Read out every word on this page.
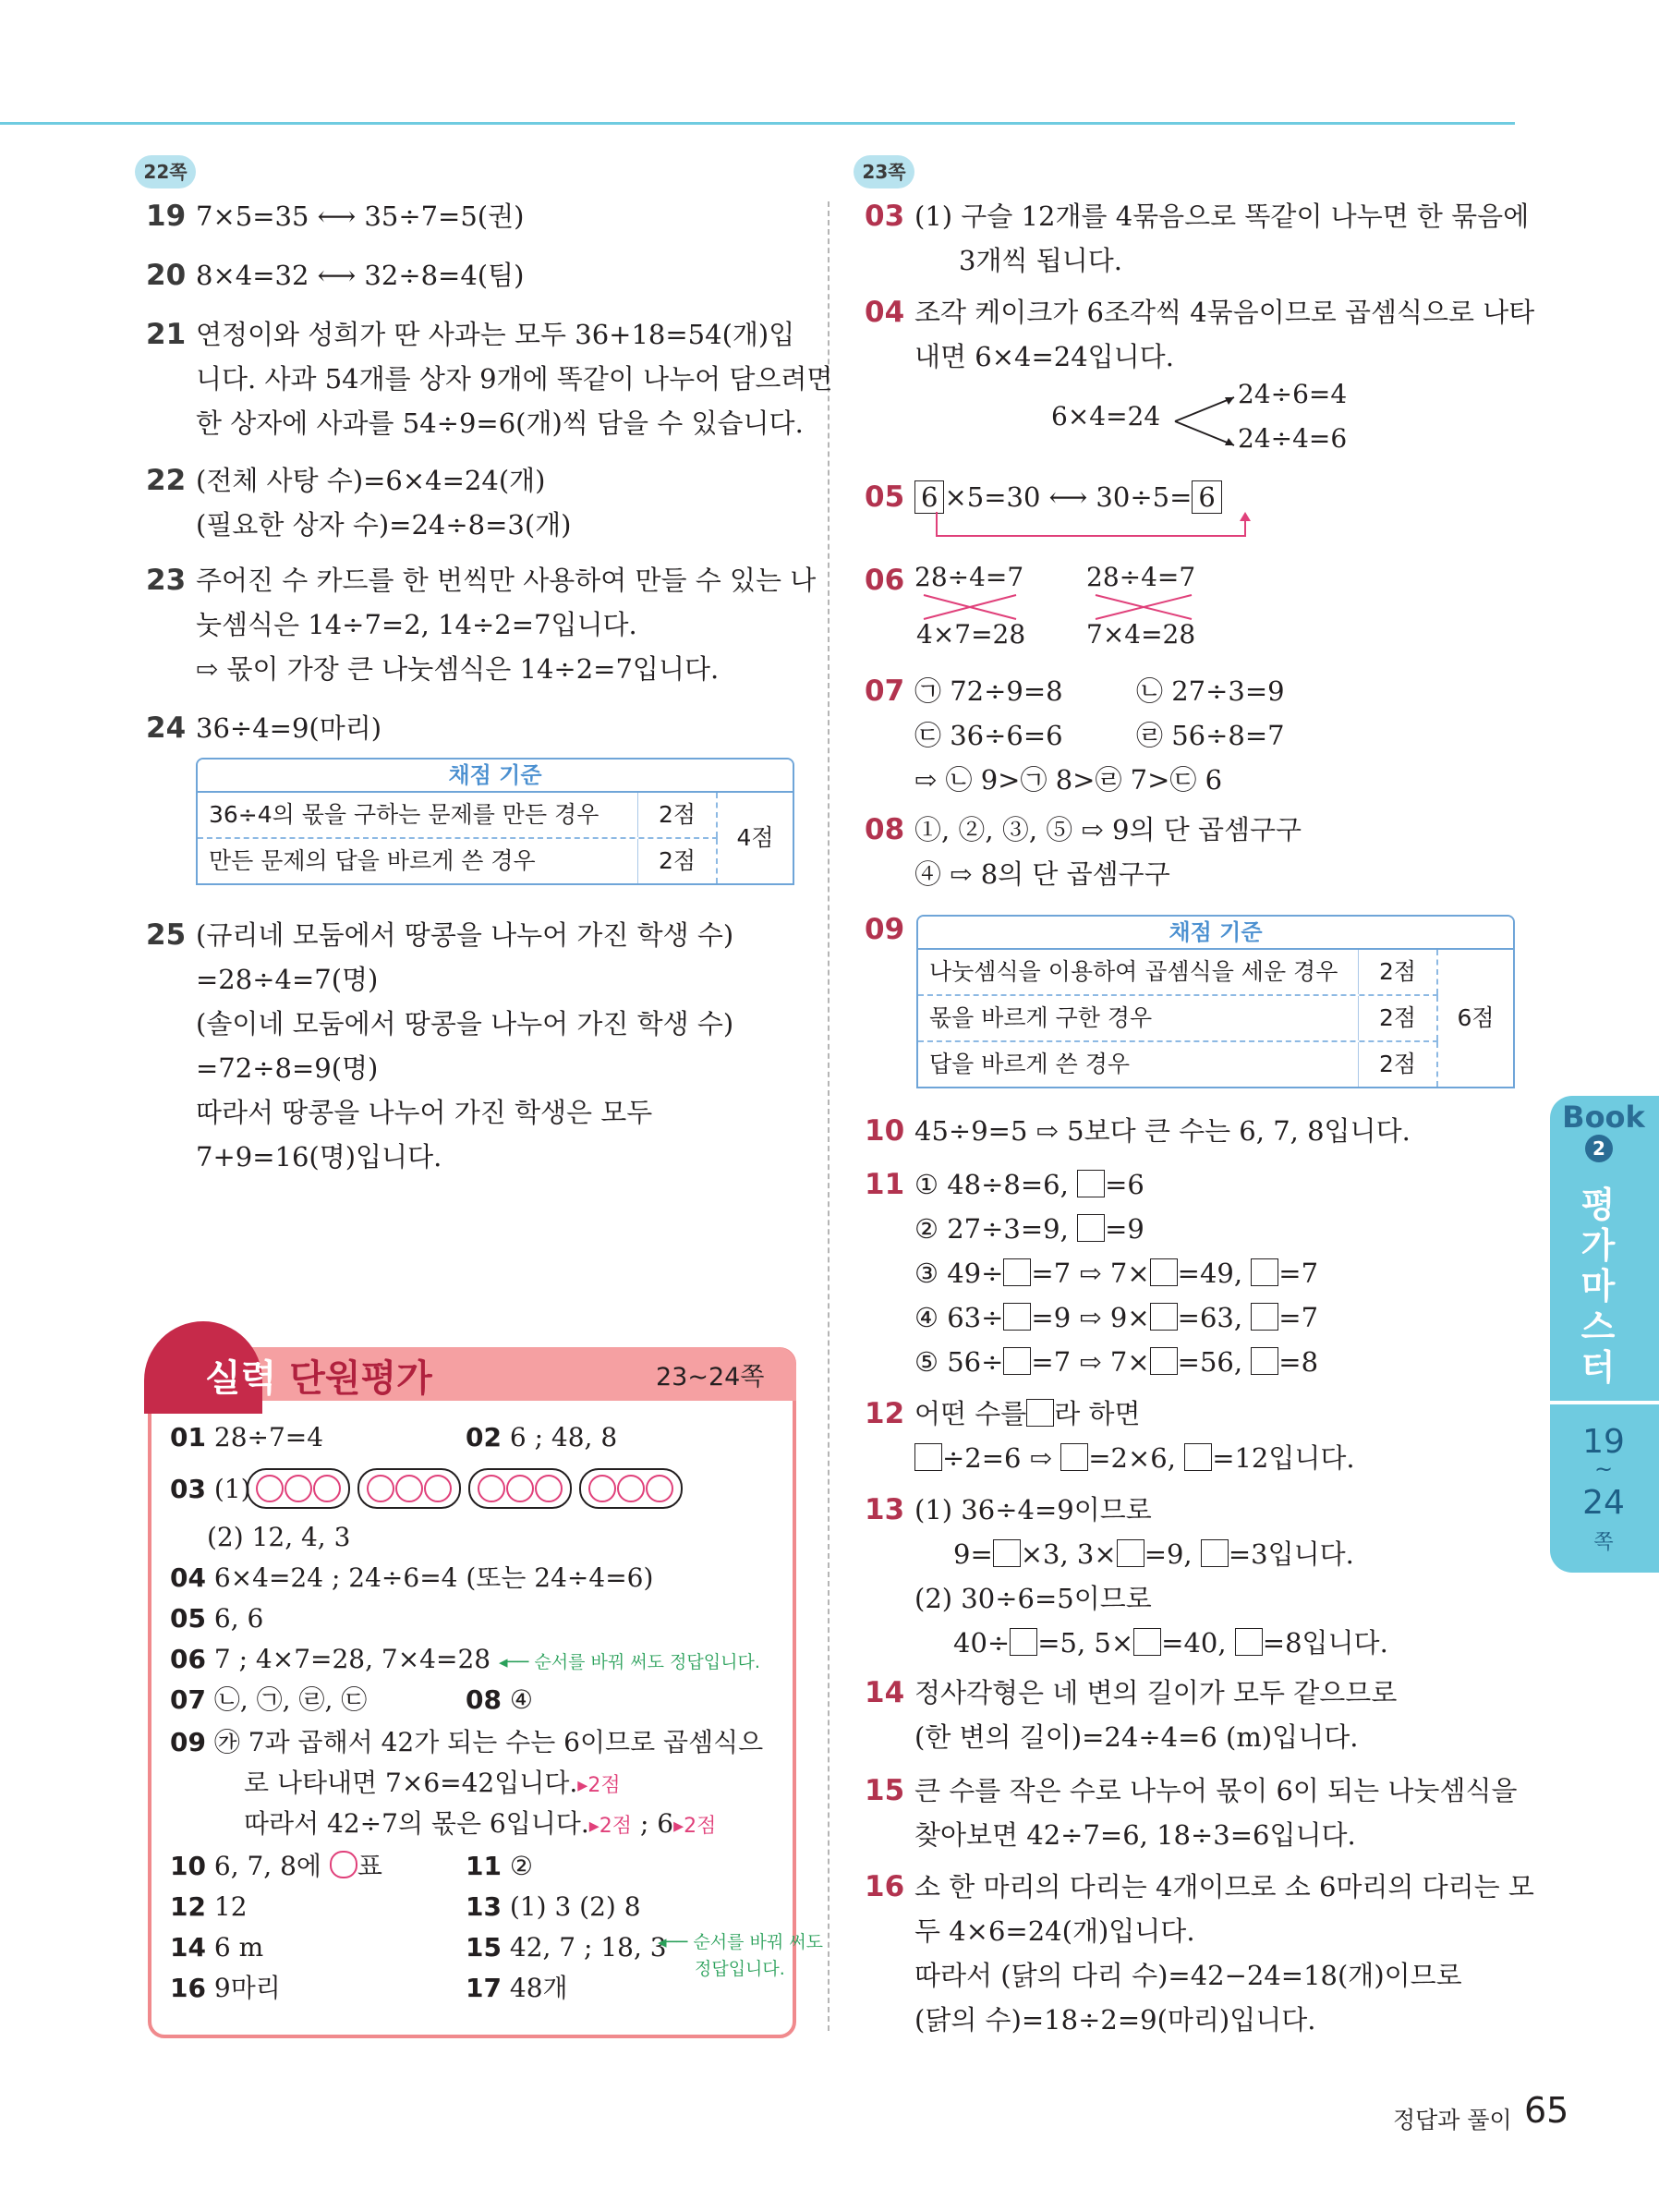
22쪽
19 7×5=35 ⟷ 35÷7=5(권)
20 8×4=32 ⟷ 32÷8=4(팀)
21 연정이와 성희가 딴 사과는 모두 36+18=54(개)입
니다. 사과 54개를 상자 9개에 똑같이 나누어 담으려면
한 상자에 사과를 54÷9=6(개)씩 담을 수 있습니다.
22 (전체 사탕 수)=6×4=24(개)
(필요한 상자 수)=24÷8=3(개)
23 주어진 수 카드를 한 번씩만 사용하여 만들 수 있는 나
눗셈식은 14÷7=2, 14÷2=7입니다.
⇨ 몫이 가장 큰 나눗셈식은 14÷2=7입니다.
24 36÷4=9(마리)
채점 기준
36÷4의 몫을 구하는 문제를 만든 경우	2점
만든 문제의 답을 바르게 쓴 경우	2점
4점
25 (규리네 모둠에서 땅콩을 나누어 가진 학생 수)
=28÷4=7(명)
(솔이네 모둠에서 땅콩을 나누어 가진 학생 수)
=72÷8=9(명)
따라서 땅콩을 나누어 가진 학생은 모두
7+9=16(명)입니다.
실력 단원평가	23~24쪽
01 28÷7=4	02 6 ; 48, 8
03 (1)
(2) 12, 4, 3
04 6×4=24 ; 24÷6=4 (또는 24÷4=6)
05 6, 6
06 7 ; 4×7=28, 7×4=28 ◂── 순서를 바꿔 써도 정답입니다.
07 ㉡, ㉠, ㉣, ㉢	08 ④
09 ㉮ 7과 곱해서 42가 되는 수는 6이므로 곱셈식으
로 나타내면 7×6=42입니다.▸2점
따라서 42÷7의 몫은 6입니다.▸2점 ; 6▸2점
10 6, 7, 8에 ○표	11 ②
12 12	13 (1) 3 (2) 8
14 6 m	15 42, 7 ; 18, 3
◂── 순서를 바꿔 써도
정답입니다.
16 9마리	17 48개
23쪽
03 (1) 구슬 12개를 4묶음으로 똑같이 나누면 한 묶음에
3개씩 됩니다.
04 조각 케이크가 6조각씩 4묶음이므로 곱셈식으로 나타
내면 6×4=24입니다.
6×4=24
24÷6=4
24÷4=6
05 6 ×5=30 ⟷ 30÷5= 6
06 28÷4=7
4×7=28
28÷4=7
7×4=28
07 ㉠ 72÷9=8	㉡ 27÷3=9
㉢ 36÷6=6	㉣ 56÷8=7
⇨ ㉡ 9>㉠ 8>㉣ 7>㉢ 6
08 ①, ②, ③, ⑤ ⇨ 9의 단 곱셈구구
④ ⇨ 8의 단 곱셈구구
09	채점 기준
나눗셈식을 이용하여 곱셈식을 세운 경우	2점
몫을 바르게 구한 경우	2점
답을 바르게 쓴 경우	2점
6점
10 45÷9=5 ⇨ 5보다 큰 수는 6, 7, 8입니다.
11 ① 48÷8=6, =6
② 27÷3=9, =9
③ 49÷ =7 ⇨ 7× =49, =7
④ 63÷ =9 ⇨ 9× =63, =7
⑤ 56÷ =7 ⇨ 7× =56, =8
12 어떤 수를 라 하면
÷2=6 ⇨ =2×6, =12입니다.
13 (1) 36÷4=9이므로
9= ×3, 3× =9, =3입니다.
(2) 30÷6=5이므로
40÷ =5, 5× =40, =8입니다.
14 정사각형은 네 변의 길이가 모두 같으므로
(한 변의 길이)=24÷4=6 (m)입니다.
15 큰 수를 작은 수로 나누어 몫이 6이 되는 나눗셈식을
찾아보면 42÷7=6, 18÷3=6입니다.
16 소 한 마리의 다리는 4개이므로 소 6마리의 다리는 모
두 4×6=24(개)입니다.
따라서 (닭의 다리 수)=42−24=18(개)이므로
(닭의 수)=18÷2=9(마리)입니다.
Book
2
평
가
마
스
터
19
~
24
쪽
정답과 풀이 65
